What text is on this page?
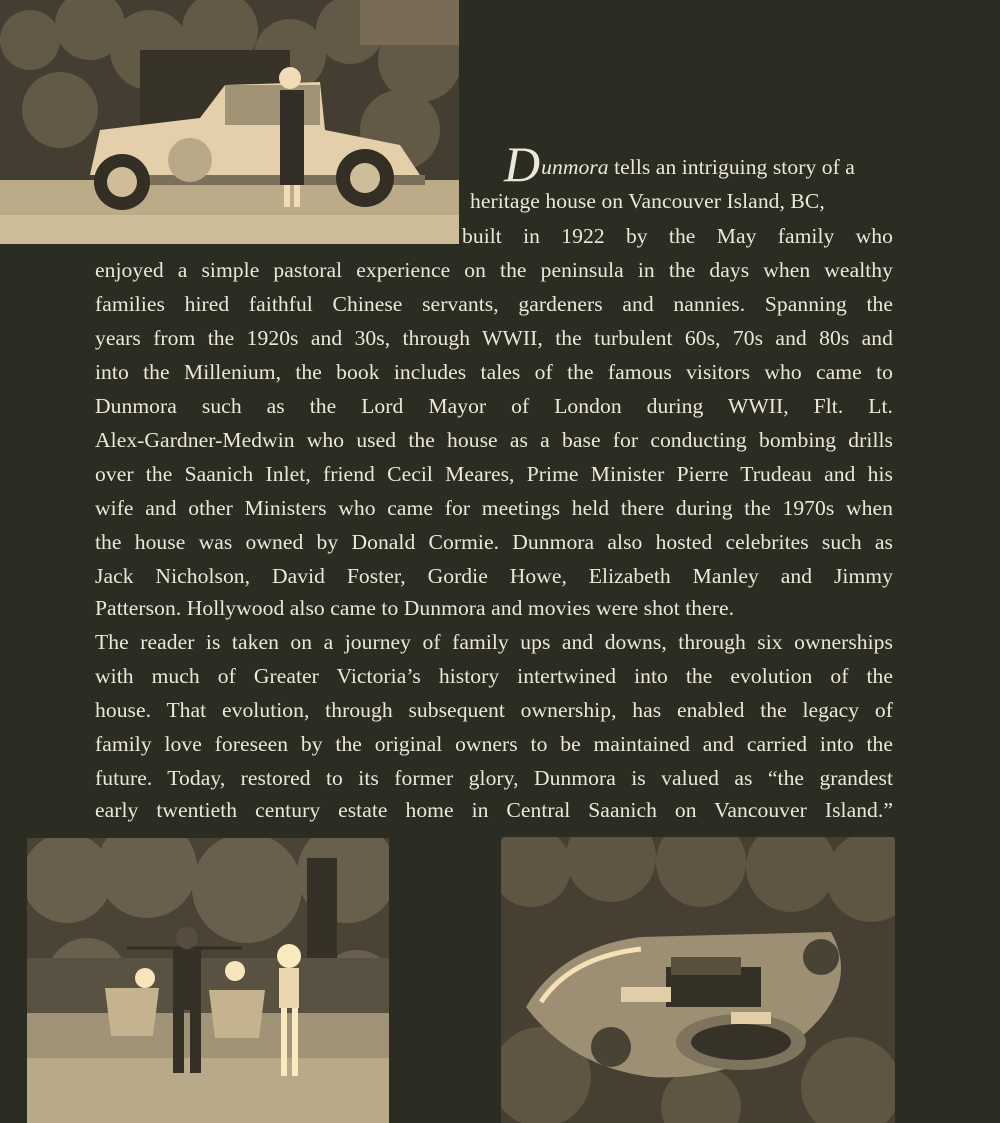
Dunmora tells an intriguing story of a
heritage house on Vancouver Island, BC,
built in 1922 by the May family who
enjoyed a simple pastoral experience on the peninsula in the days when wealthy
families hired faithful Chinese servants, gardeners and nannies. Spanning the
years from the 1920s and 30s, through WWII, the turbulent 60s, 70s and 80s and
into the Millenium, the book includes tales of the famous visitors who came to
Dunmora such as the Lord Mayor of London during WWII, Flt. Lt.
Alex-Gardner-Medwin who used the house as a base for conducting bombing drills
over the Saanich Inlet, friend Cecil Meares, Prime Minister Pierre Trudeau and his
wife and other Ministers who came for meetings held there during the 1970s when
the house was owned by Donald Cormie. Dunmora also hosted celebrites such as
Jack Nicholson, David Foster, Gordie Howe, Elizabeth Manley and Jimmy
Patterson. Hollywood also came to Dunmora and movies were shot there.
The reader is taken on a journey of family ups and downs, through six ownerships
with much of Greater Victoria’s history intertwined into the evolution of the
house. That evolution, through subsequent ownership, has enabled the legacy of
family love foreseen by the original owners to be maintained and carried into the
future. Today, restored to its former glory, Dunmora is valued as “the grandest
early twentieth century estate home in Central Saanich on Vancouver Island.”
